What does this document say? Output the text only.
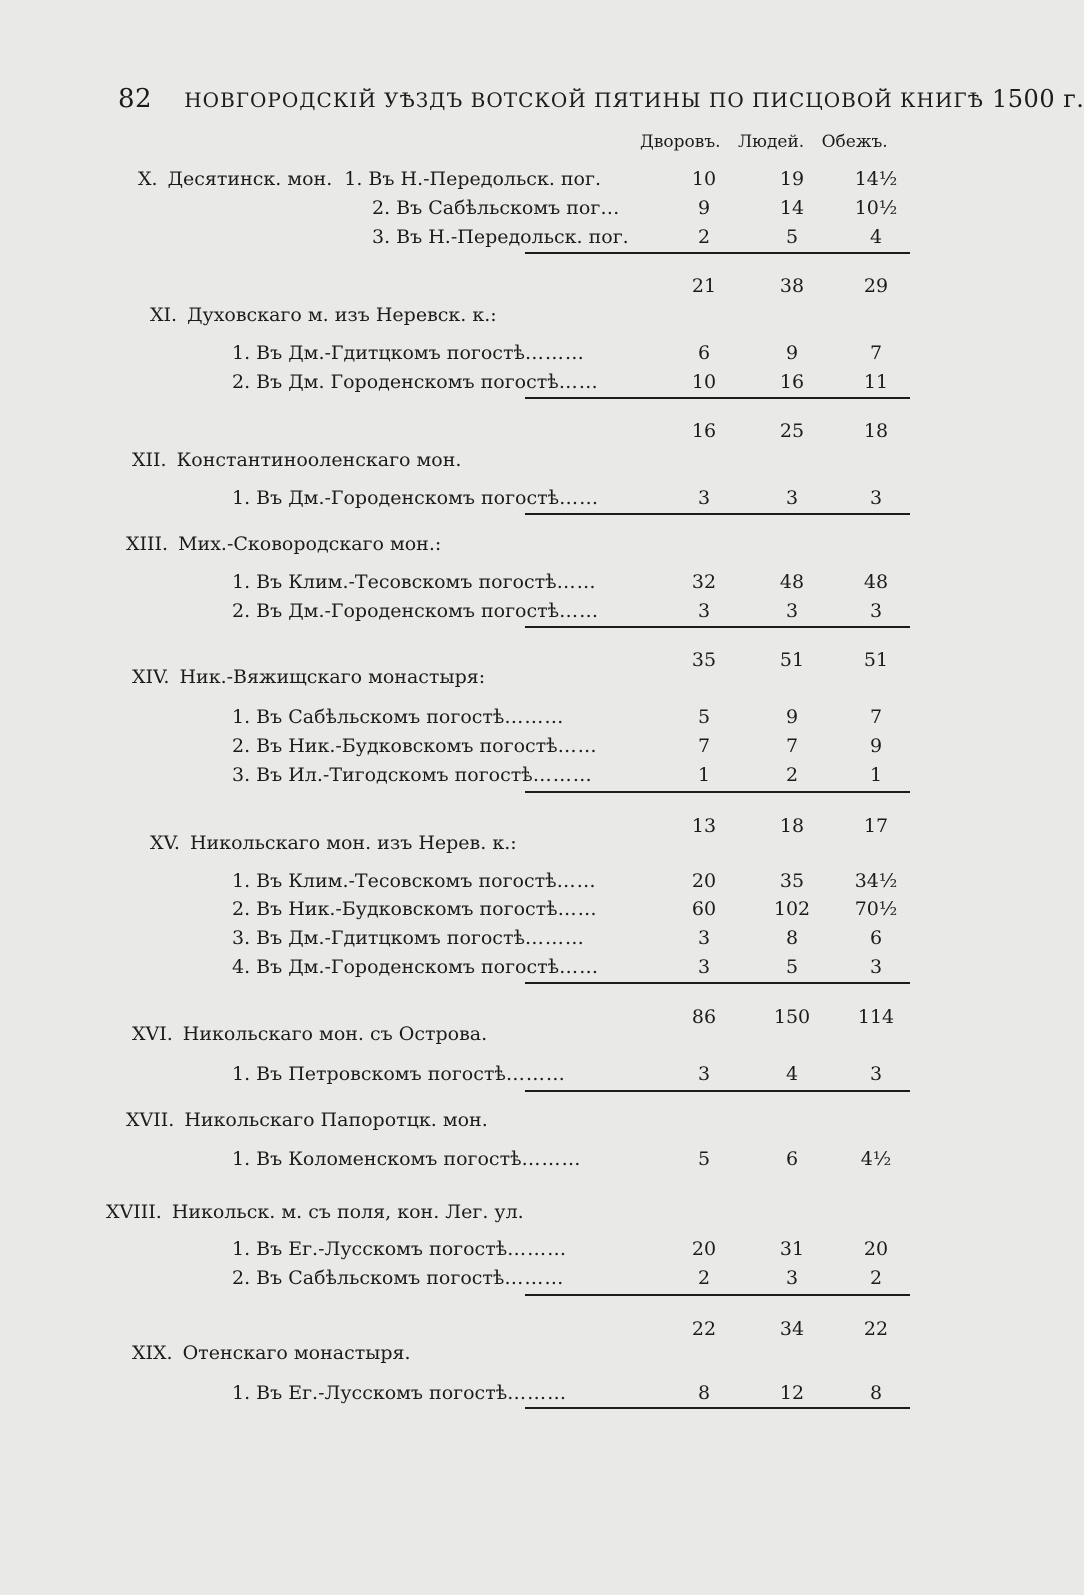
82 НОВГОРОДСКІЙ УѢЗДЪ ВОТСКОЙ ПЯТИНЫ ПО ПИСЦОВОЙ КНИГѢ 1500 г.
Дворовъ. Людей. Обежъ.
X. Десятинск. мон. 1. Въ Н.-Передольск. пог.	10	19	14½
2. Въ Сабѣльскомъ пог…	9	14	10½
3. Въ Н.-Передольск. пог.	2	5	4
21	38	29
XI. Духовскаго м. изъ Неревск. к.:
1. Въ Дм.-Гдитцкомъ погостѣ………	6	9	7
2. Въ Дм. Городенскомъ погостѣ……	10	16	11
16	25	18
XII. Константиноолeнскаго мон.
1. Въ Дм.-Городенскомъ погостѣ……	3	3	3
XIII. Мих.-Сковородскаго мон.:
1. Въ Клим.-Тесовскомъ погостѣ……	32	48	48
2. Въ Дм.-Городенскомъ погостѣ……	3	3	3
35	51	51
XIV. Ник.-Вяжищскаго монастыря:
1. Въ Сабѣльскомъ погостѣ………	5	9	7
2. Въ Ник.-Будковскомъ погостѣ……	7	7	9
3. Въ Ил.-Тигодскомъ погостѣ………	1	2	1
13	18	17
XV. Никольскаго мон. изъ Нерев. к.:
1. Въ Клим.-Тесовскомъ погостѣ……	20	35	34½
2. Въ Ник.-Будковскомъ погостѣ……	60	102	70½
3. Въ Дм.-Гдитцкомъ погостѣ………	3	8	6
4. Въ Дм.-Городенскомъ погостѣ……	3	5	3
86	150	114
XVI. Никольскаго мон. съ Острова.
1. Въ Петровскомъ погостѣ………	3	4	3
XVII. Никольскаго Папоротцк. мон.
1. Въ Коломенскомъ погостѣ………	5	6	4½
XVIII. Никольск. м. съ поля, кон. Лег. ул.
1. Въ Ег.-Лусскомъ погостѣ………	20	31	20
2. Въ Сабѣльскомъ погостѣ………	2	3	2
22	34	22
XIX. Отенскаго монастыря.
1. Въ Ег.-Лусскомъ погостѣ………	8	12	8
